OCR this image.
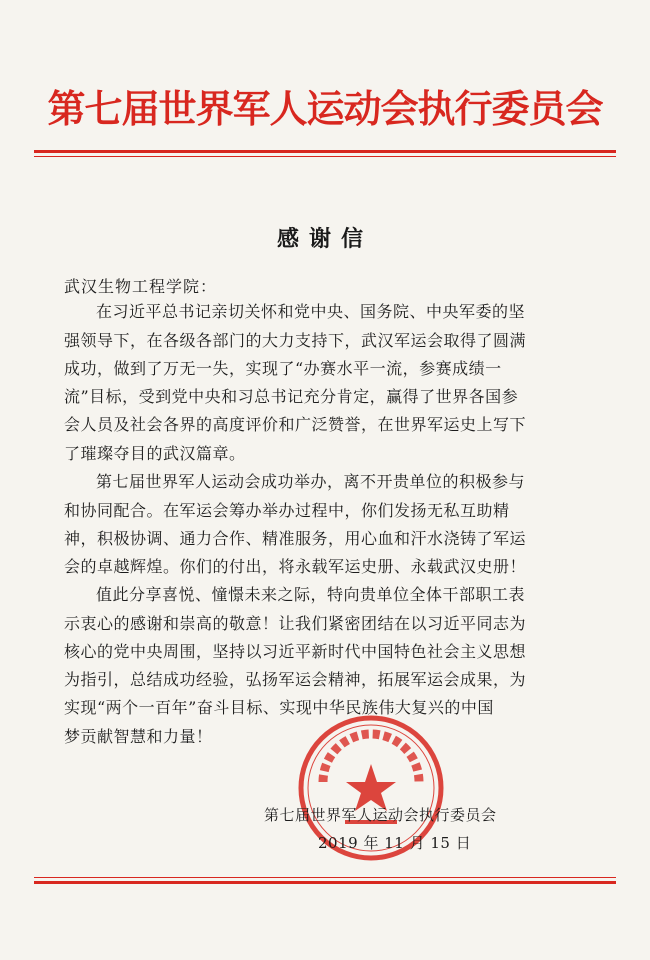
第七届世界军人运动会执行委员会
感谢信
武汉生物工程学院：
在习近平总书记亲切关怀和党中央、国务院、中央军委的坚
强领导下，在各级各部门的大力支持下，武汉军运会取得了圆满
成功，做到了万无一失，实现了“办赛水平一流，参赛成绩一
流”目标，受到党中央和习总书记充分肯定，赢得了世界各国参
会人员及社会各界的高度评价和广泛赞誉，在世界军运史上写下
了璀璨夺目的武汉篇章。
第七届世界军人运动会成功举办，离不开贵单位的积极参与
和协同配合。在军运会筹办举办过程中，你们发扬无私互助精
神，积极协调、通力合作、精准服务，用心血和汗水浇铸了军运
会的卓越辉煌。你们的付出，将永载军运史册、永载武汉史册！
值此分享喜悦、憧憬未来之际，特向贵单位全体干部职工表
示衷心的感谢和崇高的敬意！让我们紧密团结在以习近平同志为
核心的党中央周围，坚持以习近平新时代中国特色社会主义思想
为指引，总结成功经验，弘扬军运会精神，拓展军运会成果，为
实现“两个一百年”奋斗目标、实现中华民族伟大复兴的中国
梦贡献智慧和力量！
第七届世界军人运动会执行委员会
2019 年 11 月 15 日
